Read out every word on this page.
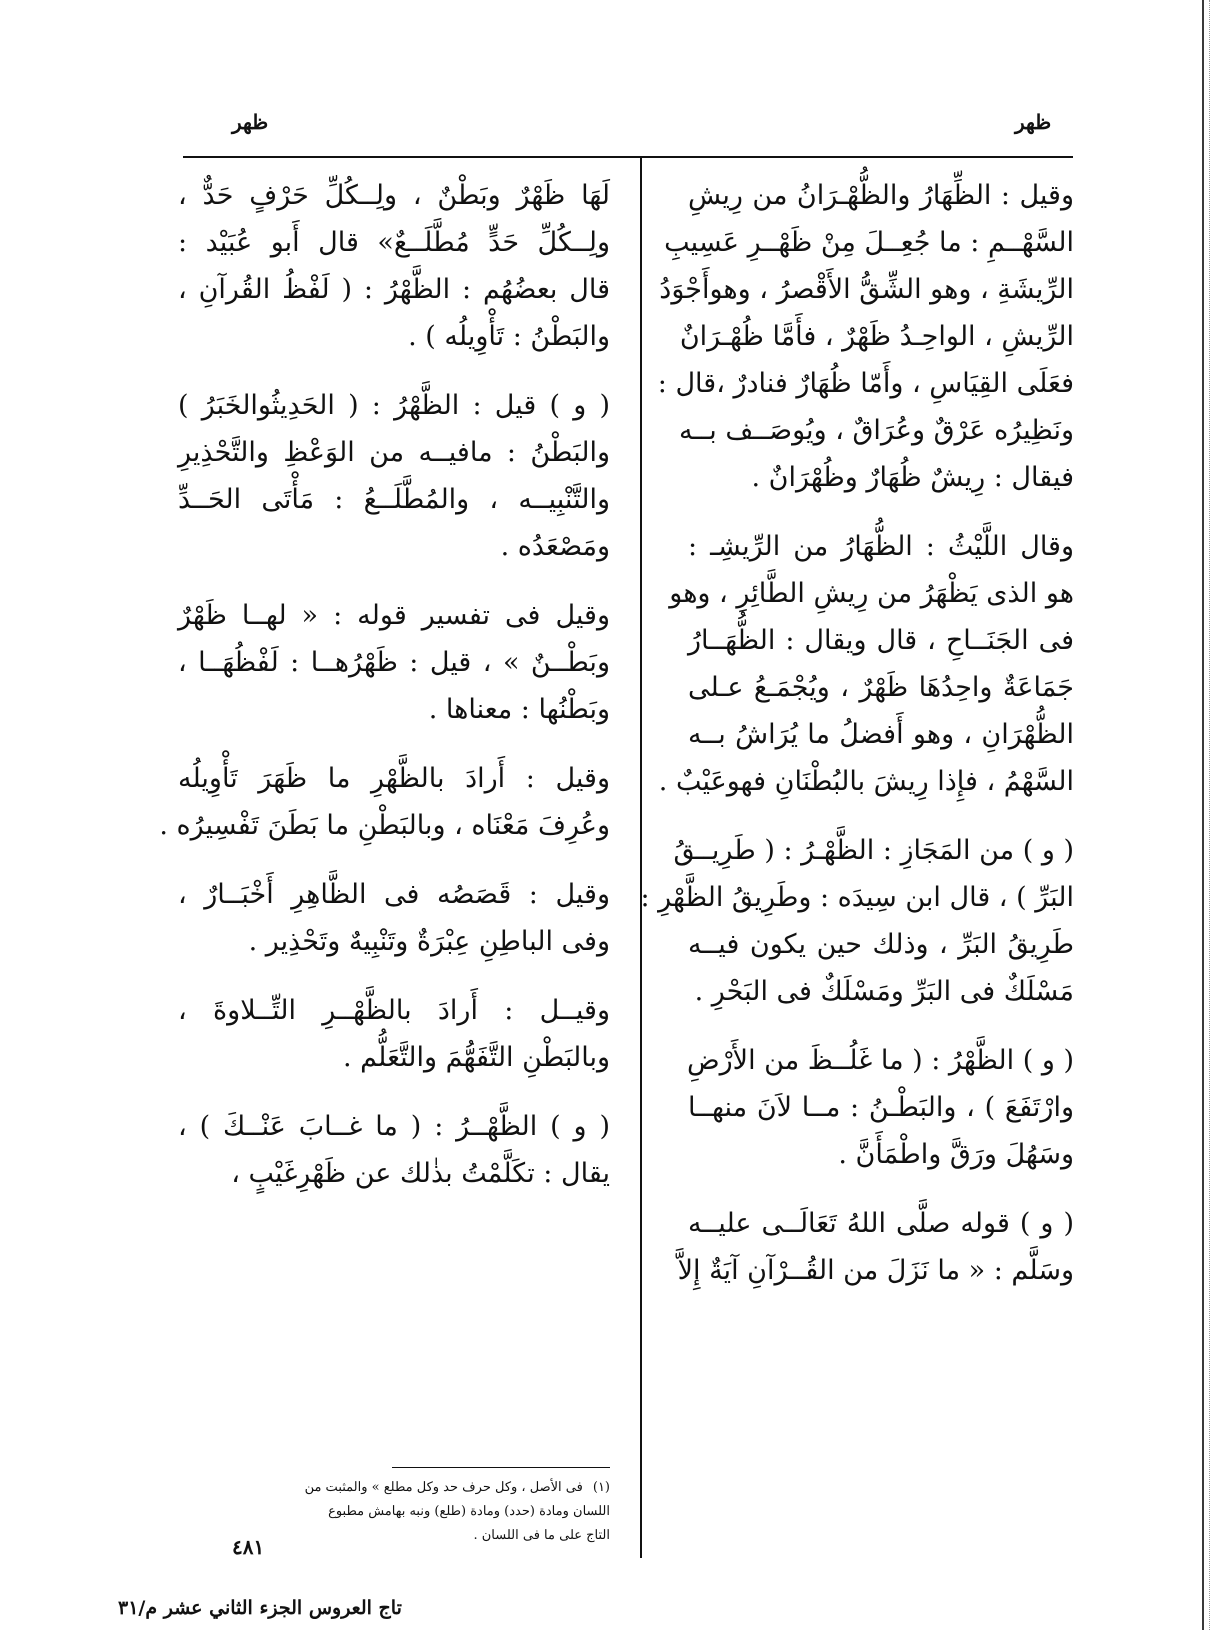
ظهر
ظهر
وقيل : الظِّهَارُ والظُّهْـرَانُ من رِيشِ
السَّهْــمِ : ما جُعِــلَ مِنْ ظَهْــرِ عَسِيبِ
الرِّيشَةِ ، وهو الشِّقُّ الأَقْصرُ ، وهوأَجْوَدُ
الرِّيشِ ، الواحِـدُ ظَهْرٌ ، فأَمَّا ظُهْـرَانٌ
فعَلَى القِيَاسِ ، وأَمّا ظُهَارٌ فنادرٌ ،قال :
ونَظِيرُه عَرْقٌ وعُرَاقٌ ، ويُوصَــف بــه
فيقال : رِيشٌ ظُهَارٌ وظُهْرَانٌ .
وقال اللَّيْثُ : الظُّهَارُ من الرِّيشِـ :
هو الذى يَظْهَرُ من رِيشِ الطَّائِرِ ، وهو
فى الجَنَــاحِ ، قال ويقال : الظُّهَــارُ
جَمَاعَةٌ واحِدُهَا ظَهْرٌ ، ويُجْمَـعُ عـلى
الظُّهْرَانِ ، وهو أَفضلُ ما يُرَاشُ بــه
السَّهْمُ ، فإِذا رِيشَ بالبُطْنَانِ فهوعَيْبٌ .
( و ) من المَجَازِ : الظَّهْـرُ : ( طَرِيــقُ
البَرِّ ) ، قال ابن سِيدَه : وطَرِيقُ الظَّهْرِ :
طَرِيقُ البَرِّ ، وذلك حين يكون فيــه
مَسْلَكٌ فى البَرِّ ومَسْلَكٌ فى البَحْرِ .
( و ) الظَّهْرُ : ( ما غَلُــظَ من الأَرْضِ
وارْتَفَعَ ) ، والبَطْـنُ : مــا لاَنَ منهــا
وسَهُلَ ورَقَّ واطْمَأَنَّ .
( و ) قوله صلَّى اللهُ تَعَالَــى عليــه
وسَلَّم : « ما نَزَلَ من القُــرْآنِ آيَةٌ إِلاَّ
لَهَا ظَهْرٌ وبَطْنٌ ، ولِــكُلِّ حَرْفٍ حَدٌّ ،
ولِــكُلِّ حَدٍّ مُطَّلَــعٌ» قال أَبو عُبَيْد :
قال بعضُهُم : الظَّهْرُ : ( لَفْظُ القُرآنِ ،
والبَطْنُ : تَأْوِيلُه ) .
( و ) قيل : الظَّهْرُ : ( الحَدِيثُوالخَبَرُ )
والبَطْنُ : مافيــه من الوَعْظِ والتَّحْذِيرِ
والتَّنْبِيــه ، والمُطَّلَــعُ : مَأْتَى الحَــدِّ
ومَصْعَدُه .
وقيل فى تفسير قوله : « لهــا ظَهْرٌ
وبَطْــنٌ » ، قيل : ظَهْرُهــا : لَفْظُهَــا ،
وبَطْنُها : معناها .
وقيل : أَرادَ بالظَّهْرِ ما ظَهَرَ تَأْوِيلُه
وعُرِفَ مَعْنَاه ، وبالبَطْنِ ما بَطَنَ تَفْسِيرُه .
وقيل : قَصَصُه فى الظَّاهِرِ أَخْبَــارٌ ،
وفى الباطِنِ عِبْرَةٌ وتَنْبِيهٌ وتَحْذِير .
وقيــل : أَرادَ بالظَّهْــرِ التِّــلاوةَ ،
وبالبَطْنِ التَّفَهُّمَ والتَّعَلُّم .
( و ) الظَّهْــرُ : ( ما غــابَ عَنْــكَ ) ،
يقال : تكَلَّمْتُ بذٰلك عن ظَهْرِغَيْبٍ ،
(١)فى الأصل ، وكل حرف حد وكل مطلع » والمثبت من
اللسان ومادة (حدد) ومادة (طلع) ونبه بهامش مطبوع
التاج على ما فى اللسان .
٤٨١
تاج العروس الجزء الثاني عشر م/٣١
